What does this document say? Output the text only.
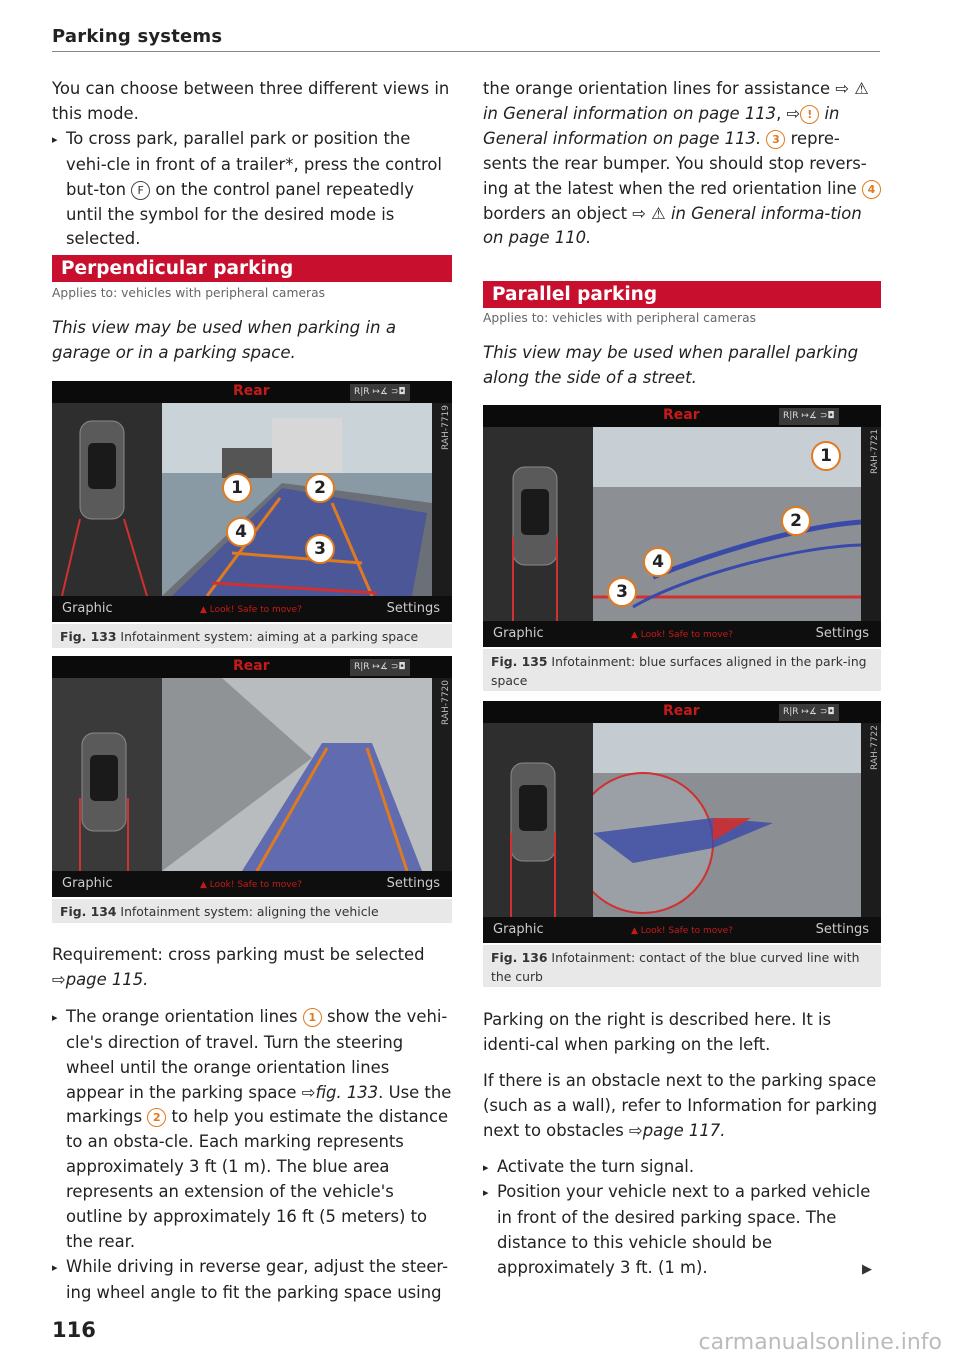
Parking systems

You can choose between three different views in this mode.

▸ To cross park, parallel park or position the vehi-cle in front of a trailer*, press the control but-ton F on the control panel repeatedly until the symbol for the desired mode is selected.

Perpendicular parking
Applies to: vehicles with peripheral cameras
This view may be used when parking in a garage or in a parking space.
Rear	R|R ↦∡ ⊃◘
1	2
4
3
RAH-7719
Graphic	▲ Look! Safe to move?	Settings
Fig. 133 Infotainment system: aiming at a parking space
Rear	R|R ↦∡ ⊃◘
RAH-7720
Graphic	▲ Look! Safe to move?	Settings
Fig. 134 Infotainment system: aligning the vehicle

Requirement: cross parking must be selected
⇨page 115.

▸ The orange orientation lines 1 show the vehi-cle's direction of travel. Turn the steering wheel until the orange orientation lines appear in the parking space ⇨fig. 133. Use the markings 2 to help you estimate the distance to an obsta-cle. Each marking represents approximately 3 ft (1 m). The blue area represents an extension of the vehicle's outline by approximately 16 ft (5 meters) to the rear.

▸ While driving in reverse gear, adjust the steer-ing wheel angle to fit the parking space using

116

the orange orientation lines for assistance ⇨ ⚠ in General information on page 113, ⇨ ! in General information on page 113. 3 repre-sents the rear bumper. You should stop revers-ing at the latest when the red orientation line 4 borders an object ⇨ ⚠ in General informa-tion on page 110.

Parallel parking
Applies to: vehicles with peripheral cameras
This view may be used when parallel parking along the side of a street.
Rear	R|R ↦∡ ⊃◘
1
2
4
3
RAH-7721
Graphic	▲ Look! Safe to move?	Settings
Fig. 135 Infotainment: blue surfaces aligned in the park-ing space
Rear	R|R ↦∡ ⊃◘
RAH-7722
Graphic	▲ Look! Safe to move?	Settings
Fig. 136 Infotainment: contact of the blue curved line with the curb

Parking on the right is described here. It is identi-cal when parking on the left.

If there is an obstacle next to the parking space (such as a wall), refer to Information for parking next to obstacles ⇨page 117.

▸ Activate the turn signal.

▸ Position your vehicle next to a parked vehicle in front of the desired parking space. The distance to this vehicle should be approximately 3 ft. (1 m).	▶
carmanualsonline.info
